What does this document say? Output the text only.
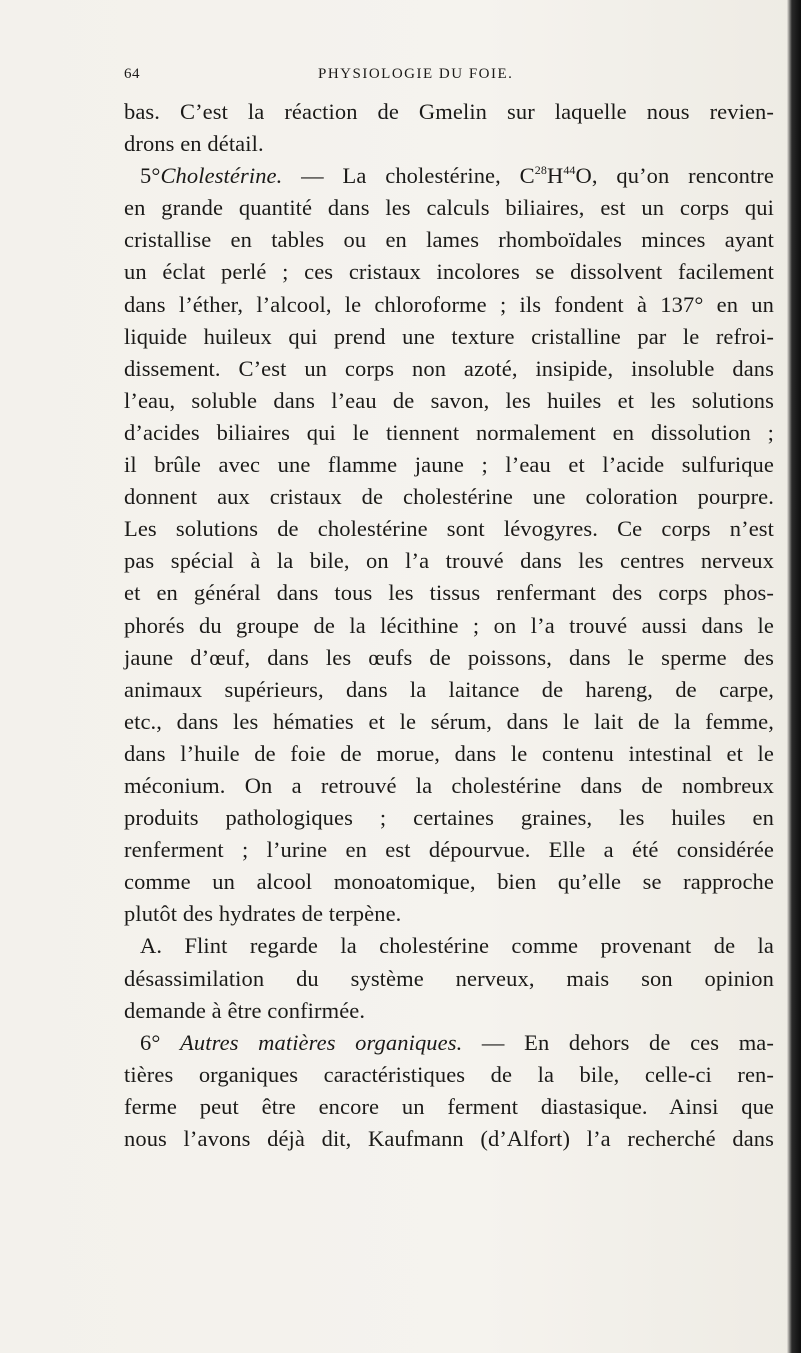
64	PHYSIOLOGIE DU FOIE.
bas. C’est la réaction de Gmelin sur laquelle nous revien-
drons en détail.
5°Cholestérine. — La cholestérine, $C^{28}H^{44}O$, qu’on rencontre
en grande quantité dans les calculs biliaires, est un corps qui
cristallise en tables ou en lames rhomboïdales minces ayant
un éclat perlé ; ces cristaux incolores se dissolvent facilement
dans l’éther, l’alcool, le chloroforme ; ils fondent à 137° en un
liquide huileux qui prend une texture cristalline par le refroi-
dissement. C’est un corps non azoté, insipide, insoluble dans
l’eau, soluble dans l’eau de savon, les huiles et les solutions
d’acides biliaires qui le tiennent normalement en dissolution ;
il brûle avec une flamme jaune ; l’eau et l’acide sulfurique
donnent aux cristaux de cholestérine une coloration pourpre.
Les solutions de cholestérine sont lévogyres. Ce corps n’est
pas spécial à la bile, on l’a trouvé dans les centres nerveux
et en général dans tous les tissus renfermant des corps phos-
phorés du groupe de la lécithine ; on l’a trouvé aussi dans le
jaune d’œuf, dans les œufs de poissons, dans le sperme des
animaux supérieurs, dans la laitance de hareng, de carpe,
etc., dans les hématies et le sérum, dans le lait de la femme,
dans l’huile de foie de morue, dans le contenu intestinal et le
méconium. On a retrouvé la cholestérine dans de nombreux
produits pathologiques ; certaines graines, les huiles en
renferment ; l’urine en est dépourvue. Elle a été considérée
comme un alcool monoatomique, bien qu’elle se rapproche
plutôt des hydrates de terpène.
A. Flint regarde la cholestérine comme provenant de la
désassimilation du système nerveux, mais son opinion
demande à être confirmée.
6° Autres matières organiques. — En dehors de ces ma-
tières organiques caractéristiques de la bile, celle-ci ren-
ferme peut être encore un ferment diastasique. Ainsi que
nous l’avons déjà dit, Kaufmann (d’Alfort) l’a recherché dans
